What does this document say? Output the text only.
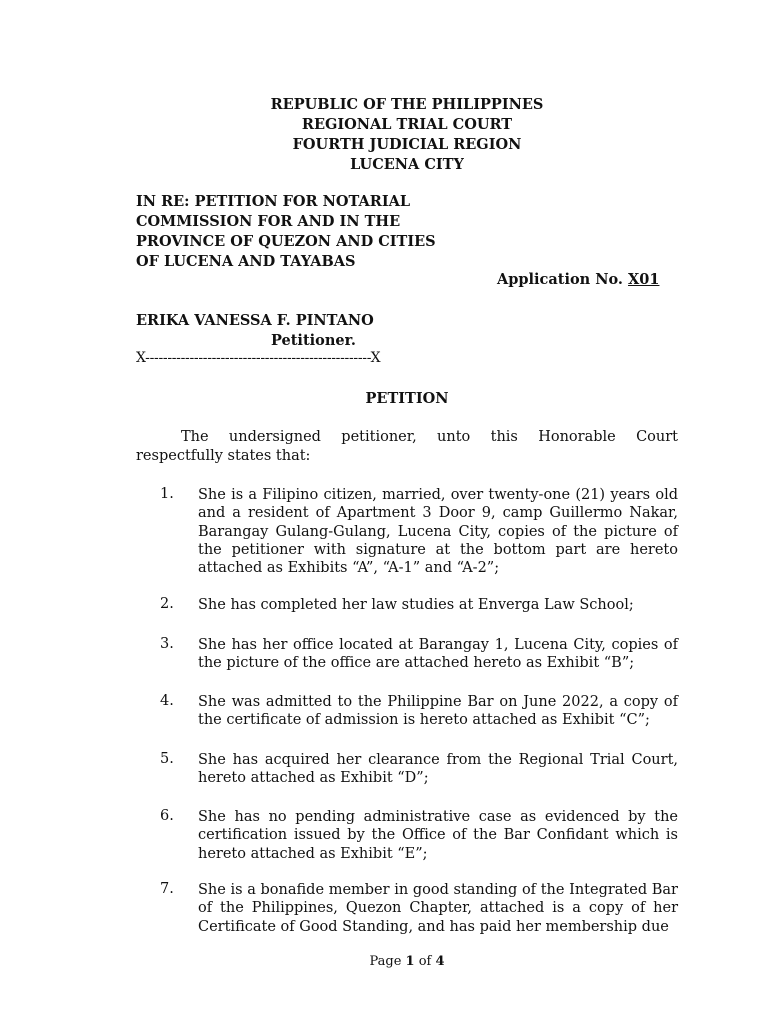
REPUBLIC OF THE PHILIPPINES
REGIONAL TRIAL COURT
FOURTH JUDICIAL REGION
LUCENA CITY
IN RE: PETITION FOR NOTARIAL
COMMISSION FOR AND IN THE
PROVINCE OF QUEZON AND CITIES
OF LUCENA AND TAYABAS
Application No. X01
ERIKA VANESSA F. PINTANO
Petitioner.
X---------------------------------------------------X
PETITION
The undersigned petitioner, unto this Honorable Court
respectfully states that:
1. She is a Filipino citizen, married, over twenty-one (21) years old and a resident of Apartment 3 Door 9, camp Guillermo Nakar, Barangay Gulang-Gulang, Lucena City, copies of the picture of the petitioner with signature at the bottom part are hereto attached as Exhibits “A”, “A-1” and “A-2”;
2. She has completed her law studies at Enverga Law School;
3. She has her office located at Barangay 1, Lucena City, copies of the picture of the office are attached hereto as Exhibit “B”;
4. She was admitted to the Philippine Bar on June 2022, a copy of the certificate of admission is hereto attached as Exhibit “C”;
5. She has acquired her clearance from the Regional Trial Court, hereto attached as Exhibit “D”;
6. She has no pending administrative case as evidenced by the certification issued by the Office of the Bar Confidant which is hereto attached as Exhibit “E”;
7. She is a bonafide member in good standing of the Integrated Bar of the Philippines, Quezon Chapter, attached is a copy of her Certificate of Good Standing, and has paid her membership due
Page 1 of 4
